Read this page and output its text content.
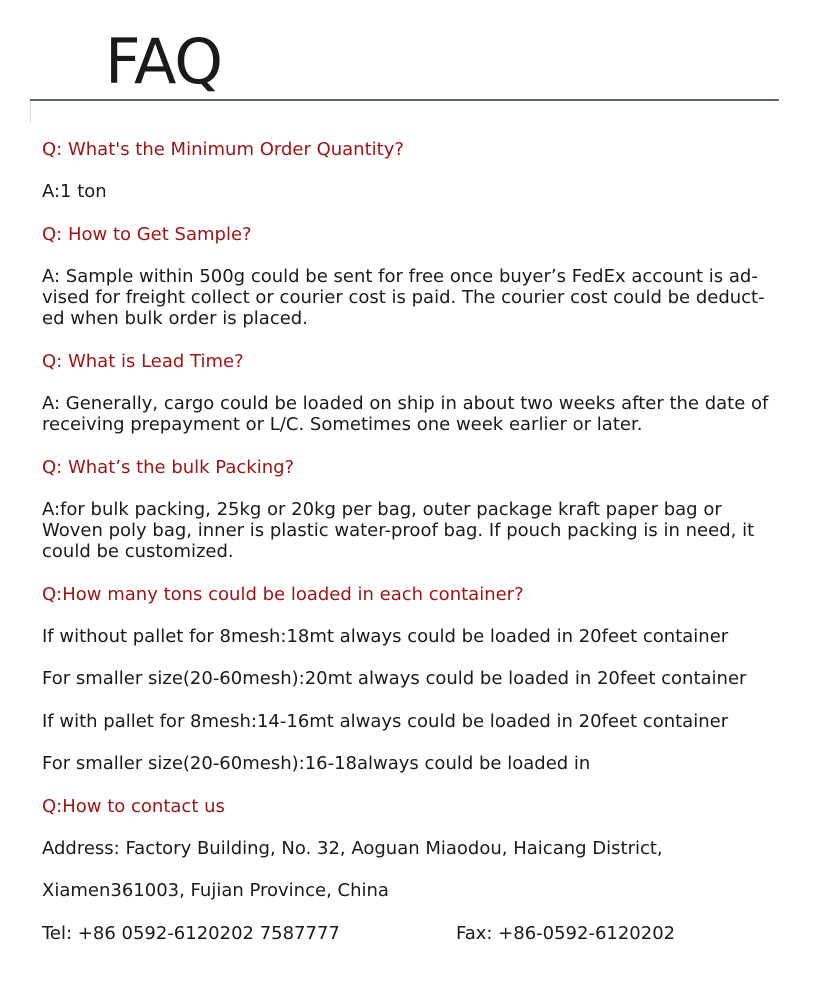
FAQ

Q: What's the Minimum Order Quantity?

A:1 ton

Q: How to Get Sample?

A: Sample within 500g could be sent for free once buyer’s FedEx account is ad-

vised for freight collect or courier cost is paid. The courier cost could be deduct-

ed when bulk order is placed.

Q: What is Lead Time?

A: Generally, cargo could be loaded on ship in about two weeks after the date of

receiving prepayment or L/C. Sometimes one week earlier or later.

Q: What’s the bulk Packing?

A:for bulk packing, 25kg or 20kg per bag, outer package kraft paper bag or

Woven poly bag, inner is plastic water-proof bag. If pouch packing is in need, it

could be customized.

Q:How many tons could be loaded in each container?

If without pallet for 8mesh:18mt always could be loaded in 20feet container

For smaller size(20-60mesh):20mt always could be loaded in 20feet container

If with pallet for 8mesh:14-16mt always could be loaded in 20feet container

For smaller size(20-60mesh):16-18always could be loaded in

Q:How to contact us

Address: Factory Building, No. 32, Aoguan Miaodou, Haicang District,

Xiamen361003, Fujian Province, China

Tel: +86 0592-6120202 7587777	Fax: +86-0592-6120202
